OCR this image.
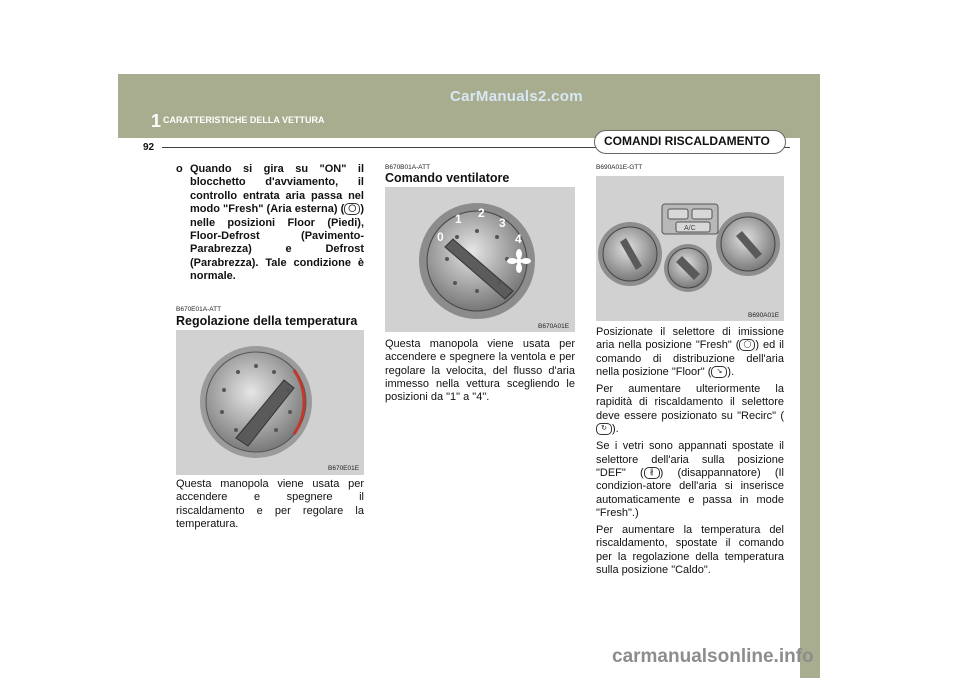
CarManuals2.com
1 CARATTERISTICHE DELLA VETTURA
92	COMANDI RISCALDAMENTO
o Quando si gira su "ON" il blocchetto d'avviamento, il controllo entrata aria passa nel modo "Fresh" (Aria esterna) ( ◯ ) nelle posizioni Floor (Piedi), Floor-Defrost (Pavimento-Parabrezza) e Defrost (Parabrezza). Tale condizione è normale.
B670E01A-ATT
Regolazione della temperatura
B670E01E
Questa manopola viene usata per accendere e spegnere il riscaldamento e per regolare la temperatura.
B670B01A-ATT
Comando ventilatore
0
1 2
3
4
B670A01E
Questa manopola viene usata per accendere e spegnere la ventola e per regolare la velocita, del flusso d'aria immesso nella vettura scegliendo le posizioni da "1" a "4".
B690A01E-GTT
A/C
B690A01E

Posizionate il selettore di imissione aria nella posizione "Fresh" ( ◯ ) ed il comando di distribuzione dell'aria nella posizione "Floor" ( ↘ ).

Per aumentare ulteriormente la rapidità di riscaldamento il selettore deve essere posizionato su "Recirc" (↻ ).

Se i vetri sono appannati spostate il selettore dell'aria sulla posizione "DEF" ( ∦ ) (disappannatore) (Il condizion-atore dell'aria si inserisce automaticamente e passa in mode "Fresh".)

Per aumentare la temperatura del riscaldamento, spostate il comando per la regolazione della temperatura sulla posizione "Caldo".

carmanualsonline.info
